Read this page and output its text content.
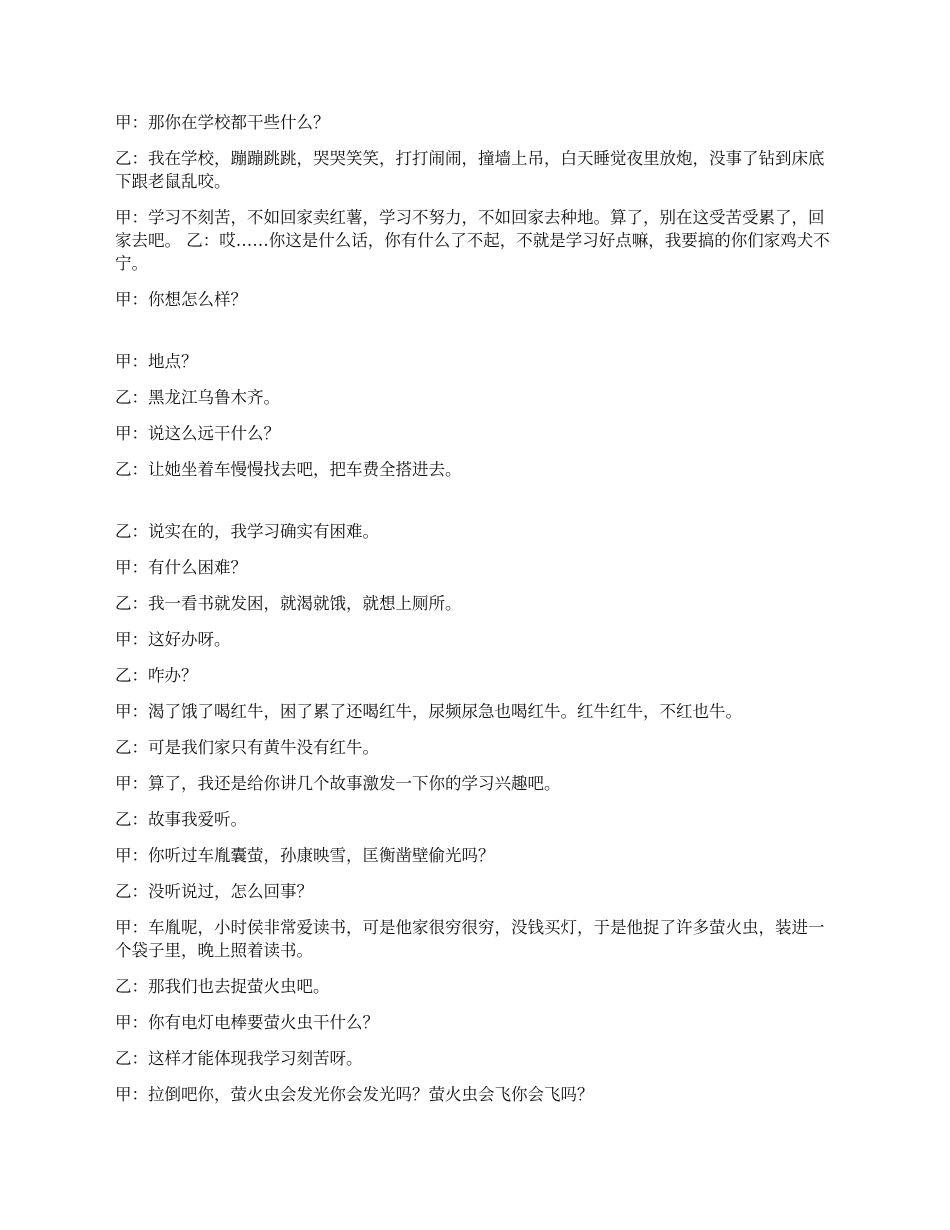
甲：那你在学校都干些什么？

乙：我在学校，蹦蹦跳跳，哭哭笑笑，打打闹闹，撞墙上吊，白天睡觉夜里放炮，没事了钻到床底下跟老鼠乱咬。

甲：学习不刻苦，不如回家卖红薯，学习不努力，不如回家去种地。算了，别在这受苦受累了，回家去吧。 乙：哎……你这是什么话，你有什么了不起，不就是学习好点嘛，我要搞的你们家鸡犬不宁。

甲：你想怎么样？

甲：地点？

乙：黑龙江乌鲁木齐。

甲：说这么远干什么？

乙：让她坐着车慢慢找去吧，把车费全搭进去。

乙：说实在的，我学习确实有困难。

甲：有什么困难？

乙：我一看书就发困，就渴就饿，就想上厕所。

甲：这好办呀。

乙：咋办？

甲：渴了饿了喝红牛，困了累了还喝红牛，尿频尿急也喝红牛。红牛红牛，不红也牛。

乙：可是我们家只有黄牛没有红牛。

甲：算了，我还是给你讲几个故事激发一下你的学习兴趣吧。

乙：故事我爱听。

甲：你听过车胤囊萤，孙康映雪，匡衡凿壁偷光吗？

乙：没听说过，怎么回事？

甲：车胤呢，小时侯非常爱读书，可是他家很穷很穷，没钱买灯，于是他捉了许多萤火虫，装进一个袋子里，晚上照着读书。

乙：那我们也去捉萤火虫吧。

甲：你有电灯电棒要萤火虫干什么？

乙：这样才能体现我学习刻苦呀。

甲：拉倒吧你，萤火虫会发光你会发光吗？萤火虫会飞你会飞吗？
